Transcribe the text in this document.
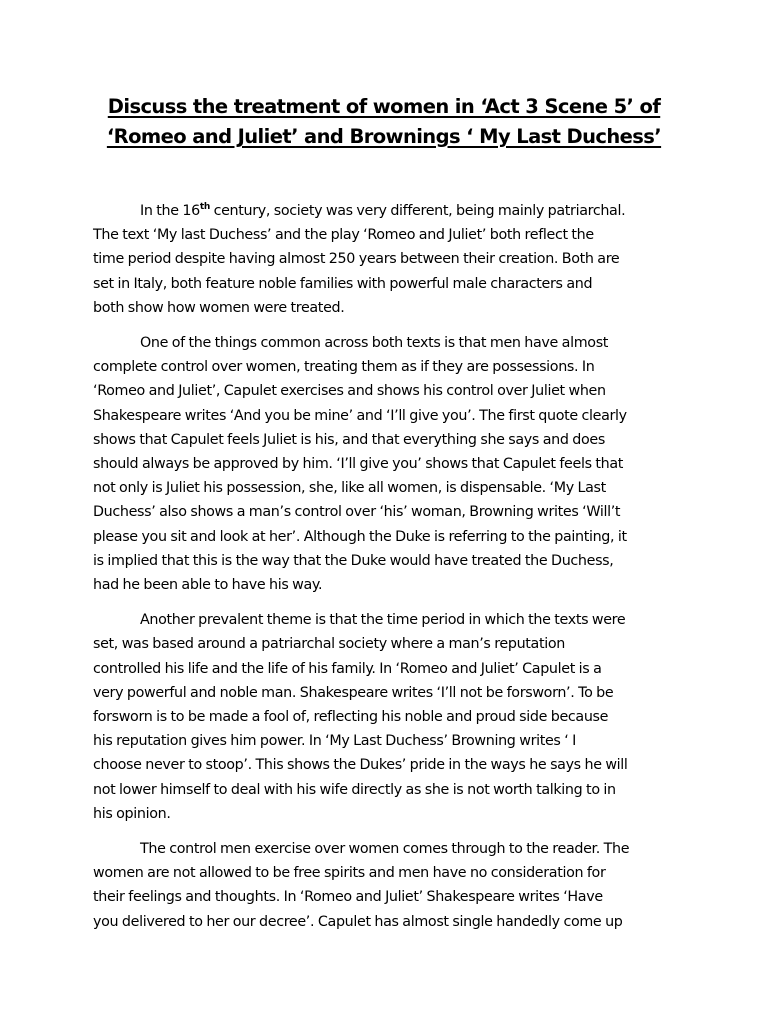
Discuss the treatment of women in ‘Act 3 Scene 5’ of
‘Romeo and Juliet’ and Brownings ‘ My Last Duchess’

In the 16th century, society was very different, being mainly patriarchal.
The text ‘My last Duchess’ and the play ‘Romeo and Juliet’ both reflect the
time period despite having almost 250 years between their creation. Both are
set in Italy, both feature noble families with powerful male characters and
both show how women were treated.

One of the things common across both texts is that men have almost
complete control over women, treating them as if they are possessions. In
‘Romeo and Juliet’, Capulet exercises and shows his control over Juliet when
Shakespeare writes ‘And you be mine’ and ‘I’ll give you’. The first quote clearly
shows that Capulet feels Juliet is his, and that everything she says and does
should always be approved by him. ‘I’ll give you’ shows that Capulet feels that
not only is Juliet his possession, she, like all women, is dispensable. ‘My Last
Duchess’ also shows a man’s control over ‘his’ woman, Browning writes ‘Will’t
please you sit and look at her’. Although the Duke is referring to the painting, it
is implied that this is the way that the Duke would have treated the Duchess,
had he been able to have his way.

Another prevalent theme is that the time period in which the texts were
set, was based around a patriarchal society where a man’s reputation
controlled his life and the life of his family. In ‘Romeo and Juliet’ Capulet is a
very powerful and noble man. Shakespeare writes ‘I’ll not be forsworn’. To be
forsworn is to be made a fool of, reflecting his noble and proud side because
his reputation gives him power. In ‘My Last Duchess’ Browning writes ‘ I
choose never to stoop’. This shows the Dukes’ pride in the ways he says he will
not lower himself to deal with his wife directly as she is not worth talking to in
his opinion.

The control men exercise over women comes through to the reader. The
women are not allowed to be free spirits and men have no consideration for
their feelings and thoughts. In ‘Romeo and Juliet’ Shakespeare writes ‘Have
you delivered to her our decree’. Capulet has almost single handedly come up
